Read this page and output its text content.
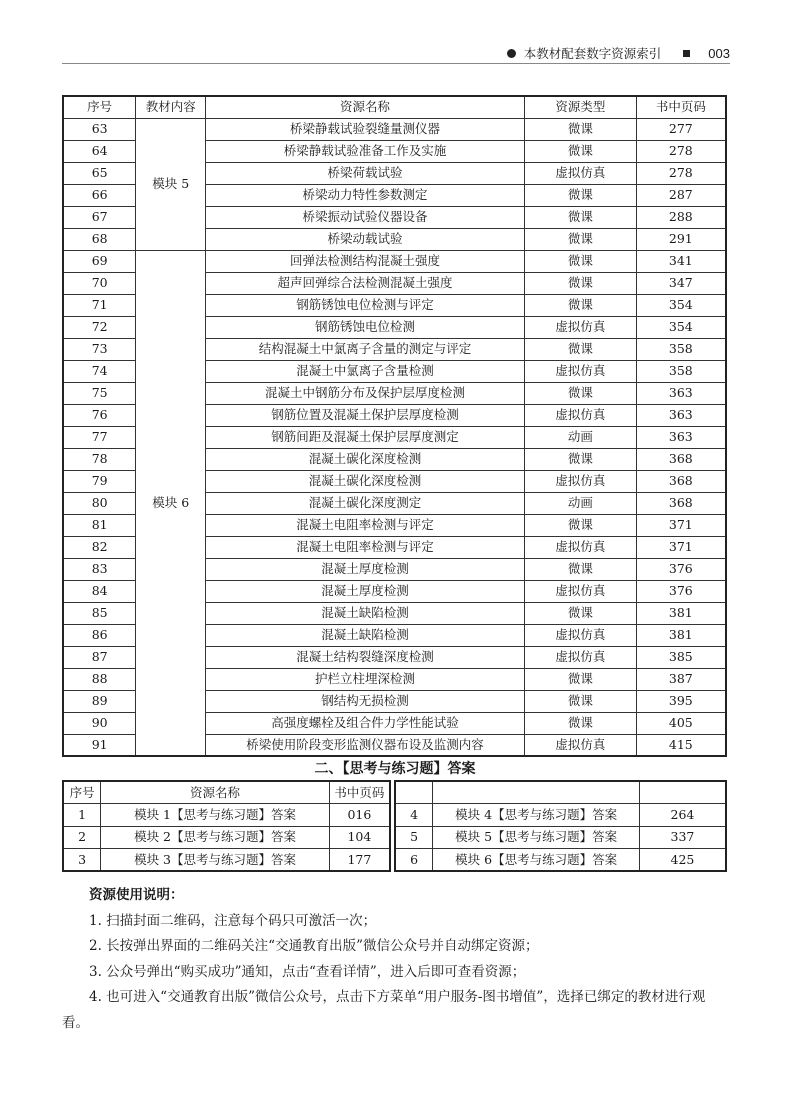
本教材配套数字资源索引	003
序号	教材内容	资源名称	资源类型	书中页码
63	模块 5	桥梁静载试验裂缝量测仪器	微课	277
64		桥梁静载试验准备工作及实施	微课	278
65		桥梁荷载试验	虚拟仿真	278
66		桥梁动力特性参数测定	微课	287
67		桥梁振动试验仪器设备	微课	288
68		桥梁动载试验	微课	291
69	模块 6	回弹法检测结构混凝土强度	微课	341
70		超声回弹综合法检测混凝土强度	微课	347
71		钢筋锈蚀电位检测与评定	微课	354
72		钢筋锈蚀电位检测	虚拟仿真	354
73		结构混凝土中氯离子含量的测定与评定	微课	358
74		混凝土中氯离子含量检测	虚拟仿真	358
75		混凝土中钢筋分布及保护层厚度检测	微课	363
76		钢筋位置及混凝土保护层厚度检测	虚拟仿真	363
77		钢筋间距及混凝土保护层厚度测定	动画	363
78		混凝土碳化深度检测	微课	368
79		混凝土碳化深度检测	虚拟仿真	368
80		混凝土碳化深度测定	动画	368
81		混凝土电阻率检测与评定	微课	371
82		混凝土电阻率检测与评定	虚拟仿真	371
83		混凝土厚度检测	微课	376
84		混凝土厚度检测	虚拟仿真	376
85		混凝土缺陷检测	微课	381
86		混凝土缺陷检测	虚拟仿真	381
87		混凝土结构裂缝深度检测	虚拟仿真	385
88		护栏立柱埋深检测	微课	387
89		钢结构无损检测	微课	395
90		高强度螺栓及组合件力学性能试验	微课	405
91		桥梁使用阶段变形监测仪器布设及监测内容	虚拟仿真	415
二、【思考与练习题】答案
序号	资源名称	书中页码
1	模块 1【思考与练习题】答案	016
2	模块 2【思考与练习题】答案	104
3	模块 3【思考与练习题】答案	177

4	模块 4【思考与练习题】答案	264
5	模块 5【思考与练习题】答案	337
6	模块 6【思考与练习题】答案	425

资源使用说明：

1. 扫描封面二维码，注意每个码只可激活一次；

2. 长按弹出界面的二维码关注“交通教育出版”微信公众号并自动绑定资源；

3. 公众号弹出“购买成功”通知，点击“查看详情”，进入后即可查看资源；

4. 也可进入“交通教育出版”微信公众号，点击下方菜单“用户服务-图书增值”，选择已绑定的教材进行观看。
